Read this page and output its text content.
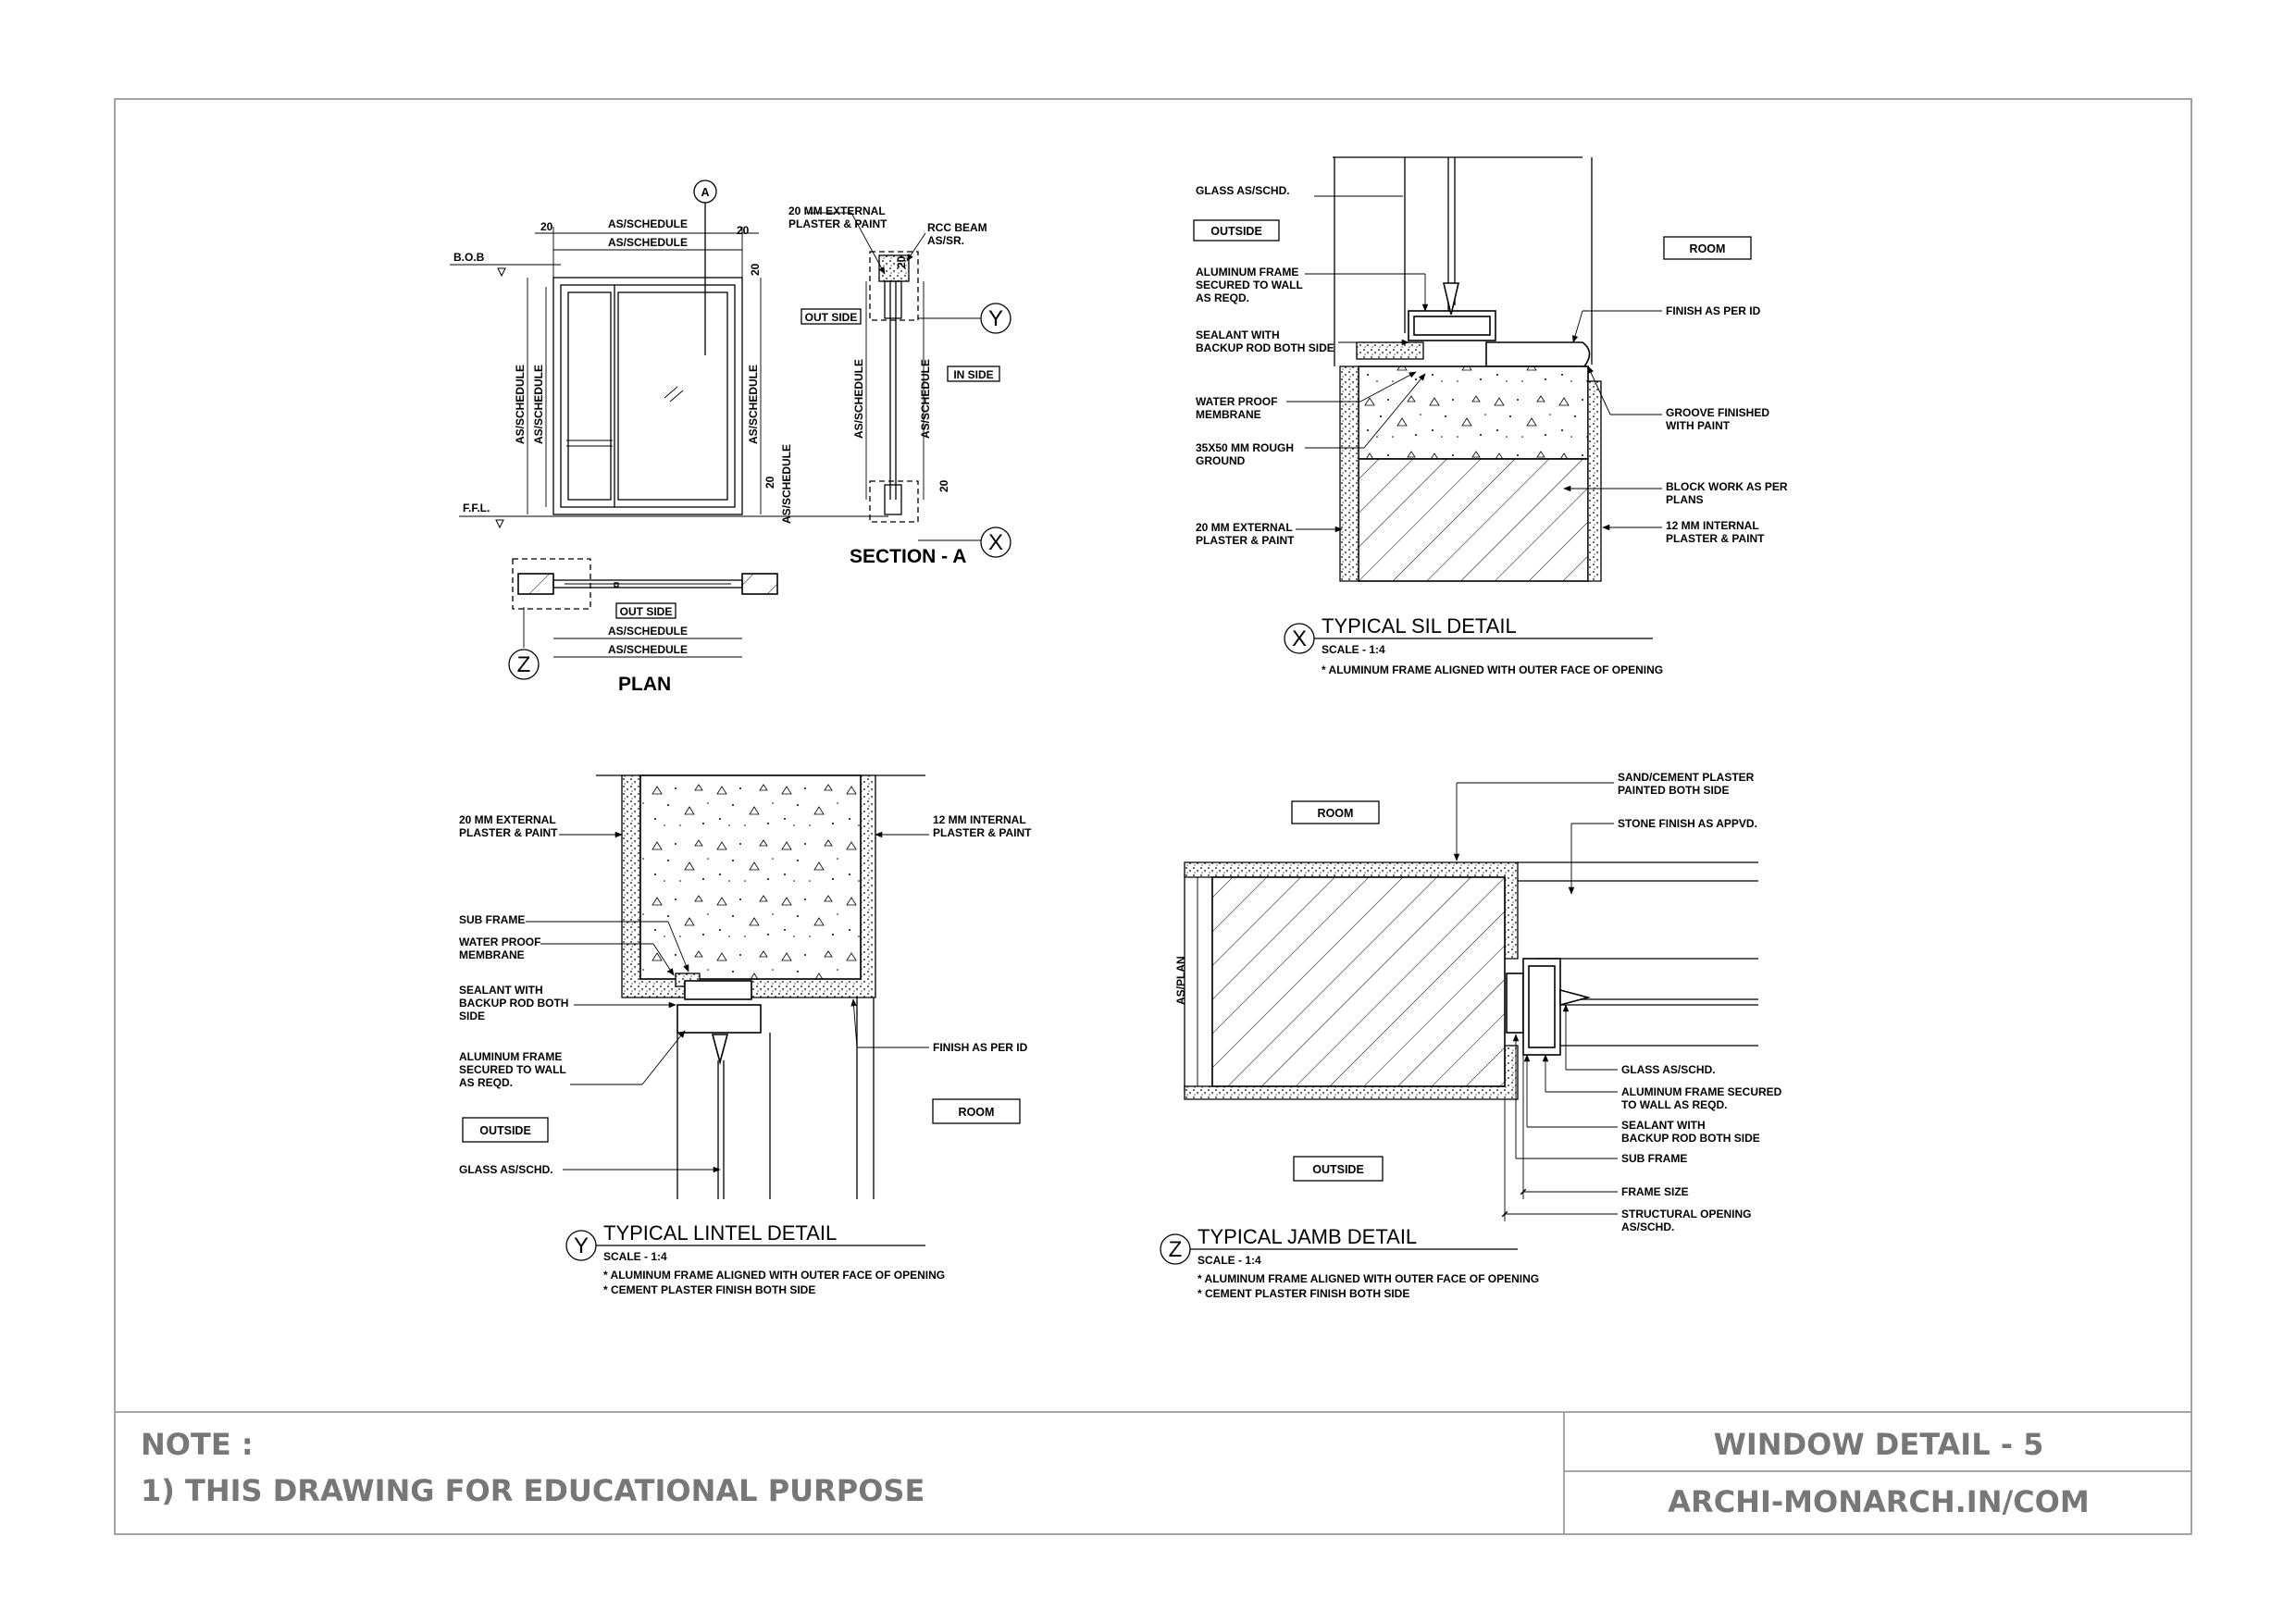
NOTE :
1) THIS DRAWING FOR EDUCATIONAL PURPOSE
WINDOW DETAIL - 5
ARCHI-MONARCH.IN/COM
A
20	20
AS/SCHEDULE
AS/SCHEDULE
20
AS/SCHEDULE AS/SCHEDULE	AS/SCHEDULE
AS/SCHEDULE
20
B.O.B
F.F.L.
20 MM EXTERNAL
PLASTER & PAINT	RCC BEAM
AS/SR.
OUT SIDE
IN SIDE
AS/SCHEDULE	AS/SCHEDULE
20
20
Y
X
SECTION - A
OUT SIDE
AS/SCHEDULE
AS/SCHEDULE
Z
PLAN
GLASS AS/SCHD.
OUTSIDE
ROOM
ALUMINUM FRAME
SECURED TO WALL
AS REQD.
SEALANT WITH
BACKUP ROD BOTH SIDE
WATER PROOF
MEMBRANE
35X50 MM ROUGH
GROUND
20 MM EXTERNAL
PLASTER & PAINT
FINISH AS PER ID
GROOVE FINISHED
WITH PAINT
BLOCK WORK AS PER
PLANS
12 MM INTERNAL
PLASTER & PAINT
X
TYPICAL SIL DETAIL
SCALE - 1:4
* ALUMINUM FRAME ALIGNED WITH OUTER FACE OF OPENING
20 MM EXTERNAL
PLASTER & PAINT
12 MM INTERNAL
PLASTER & PAINT
SUB FRAME
WATER PROOF
MEMBRANE
SEALANT WITH
BACKUP ROD BOTH
SIDE
ALUMINUM FRAME
SECURED TO WALL
AS REQD.
FINISH AS PER ID
ROOM
OUTSIDE
GLASS AS/SCHD.
Y
TYPICAL LINTEL DETAIL
SCALE - 1:4
* ALUMINUM FRAME ALIGNED WITH OUTER FACE OF OPENING
* CEMENT PLASTER FINISH BOTH SIDE
SAND/CEMENT PLASTER
PAINTED BOTH SIDE
STONE FINISH AS APPVD.
ROOM
OUTSIDE
AS/PLAN
GLASS AS/SCHD.
ALUMINUM FRAME SECURED
TO WALL AS REQD.
SEALANT WITH
BACKUP ROD BOTH SIDE
SUB FRAME
FRAME SIZE
STRUCTURAL OPENING
AS/SCHD.
Z
TYPICAL JAMB DETAIL
SCALE - 1:4
* ALUMINUM FRAME ALIGNED WITH OUTER FACE OF OPENING
* CEMENT PLASTER FINISH BOTH SIDE
